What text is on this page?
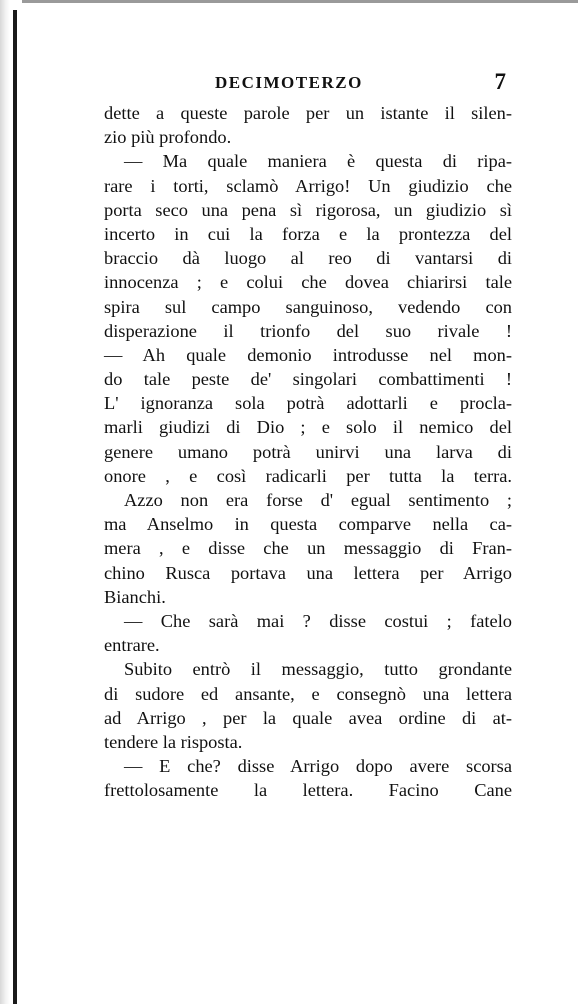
DECIMOTERZO	7
dette a queste parole per un istante il silen-
zio più profondo.
— Ma quale maniera è questa di ripa-
rare i torti, sclamò Arrigo! Un giudizio che
porta seco una pena sì rigorosa, un giudizio sì
incerto in cui la forza e la prontezza del
braccio dà luogo al reo di vantarsi di
innocenza ; e colui che dovea chiarirsi tale
spira sul campo sanguinoso, vedendo con
disperazione il trionfo del suo rivale !
— Ah quale demonio introdusse nel mon-
do tale peste de' singolari combattimenti !
L' ignoranza sola potrà adottarli e procla-
marli giudizi di Dio ; e solo il nemico del
genere umano potrà unirvi una larva di
onore , e così radicarli per tutta la terra.
Azzo non era forse d' egual sentimento ;
ma Anselmo in questa comparve nella ca-
mera , e disse che un messaggio di Fran-
chino Rusca portava una lettera per Arrigo
Bianchi.
— Che sarà mai ? disse costui ; fatelo
entrare.
Subito entrò il messaggio, tutto grondante
di sudore ed ansante, e consegnò una lettera
ad Arrigo , per la quale avea ordine di at-
tendere la risposta.
— E che? disse Arrigo dopo avere scorsa
frettolosamente la lettera. Facino Cane
